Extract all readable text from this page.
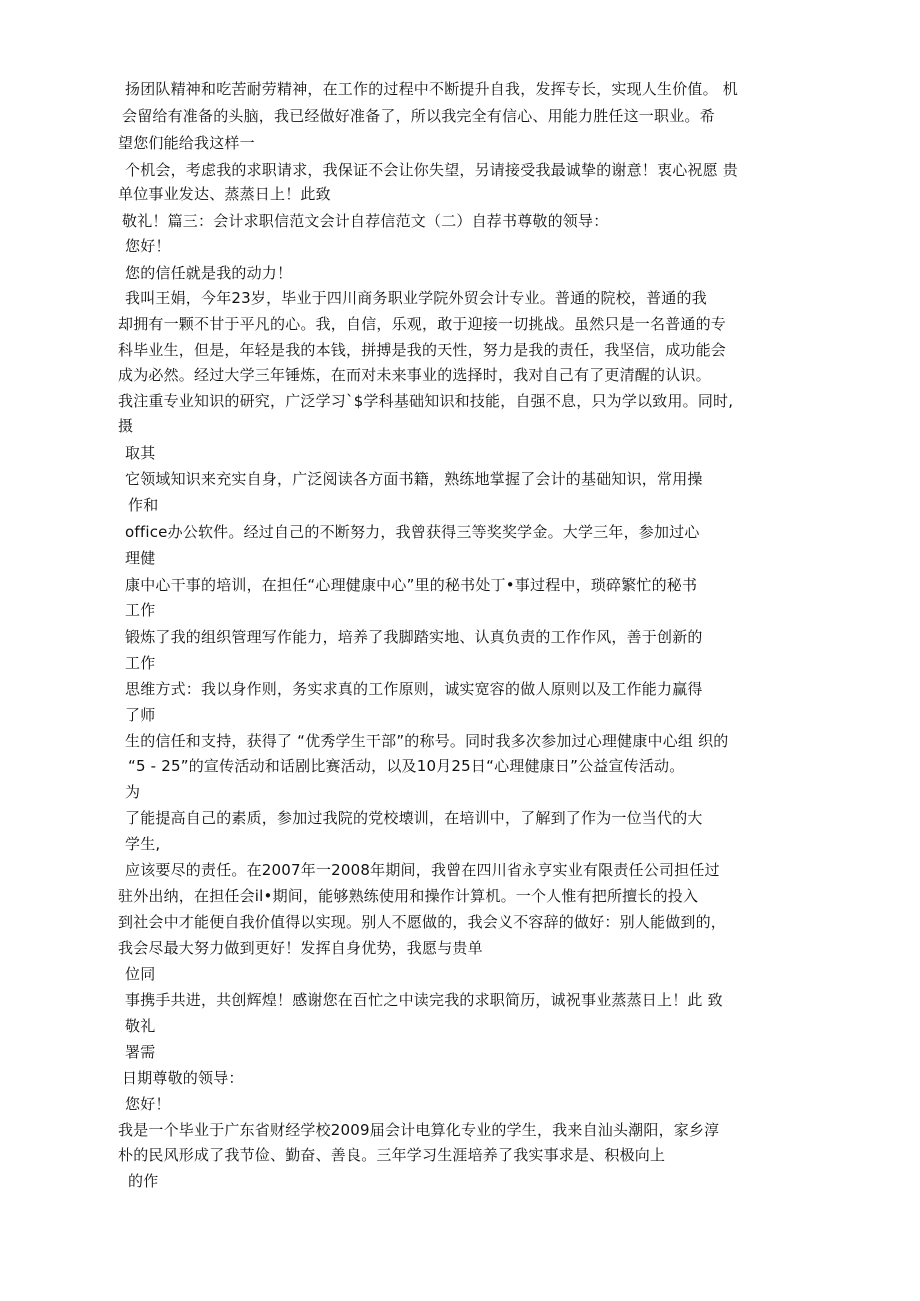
扬团队精神和吃苦耐劳精神，在工作的过程中不断提升自我，发挥专长，实现人生价值。 机
会留给有准备的头脑，我已经做好准备了，所以我完全有信心、用能力胜任这一职业。希
望您们能给我这样一
个机会，考虑我的求职请求，我保证不会让你失望，另请接受我最诚挚的谢意！衷心祝愿 贵
单位事业发达、蒸蒸日上！此致
敬礼！篇三：会计求职信范文会计自荐信范文（二）自荐书尊敬的领导：
您好！
您的信任就是我的动力！
我叫王娟，今年23岁，毕业于四川商务职业学院外贸会计专业。普通的院校，普通的我
却拥有一颗不甘于平凡的心。我，自信，乐观，敢于迎接一切挑战。虽然只是一名普通的专
科毕业生，但是，年轻是我的本钱，拼搏是我的天性，努力是我的责任，我坚信，成功能会
成为必然。经过大学三年锤炼，在而对未来事业的选择时，我对自己有了更清醒的认识。
我注重专业知识的研究，广泛学习`$学科基础知识和技能，自强不息，只为学以致用。同时,
摄
取其
它领域知识来充实自身，广泛阅读各方面书籍，熟练地掌握了会计的基础知识，常用操
作和
office办公软件。经过自己的不断努力，我曾获得三等奖奖学金。大学三年，参加过心
理健
康中心干事的培训，在担任“心理健康中心”里的秘书处丁•事过程中，琐碎繁忙的秘书
工作
锻炼了我的组织管理写作能力，培养了我脚踏实地、认真负责的工作作风，善于创新的
工作
思维方式：我以身作则，务实求真的工作原则，诚实宽容的做人原则以及工作能力赢得
了师
生的信任和支持，获得了 “优秀学生干部”的称号。同时我多次参加过心理健康中心组 织的
“5 - 25”的宣传活动和话剧比赛活动，以及10月25日“心理健康日”公益宣传活动。
为
了能提高自己的素质，参加过我院的党校壊训，在培训中，了解到了作为一位当代的大
学生,
应该要尽的责任。在2007年一2008年期间，我曾在四川省永亨实业有限责任公司担任过
驻外出纳，在担任会il•期间，能够熟练使用和操作计算机。一个人惟有把所擅长的投入
到社会中才能便自我价值得以实现。别人不愿做的，我会义不容辞的做好：别人能做到的，
我会尽最大努力做到更好！发挥自身优势，我愿与贵单
位同
事携手共进，共创辉煌！感谢您在百忙之中读完我的求职简历，诚祝事业蒸蒸日上！此 致
敬礼
署需
日期尊敬的领导：
您好！
我是一个毕业于广东省财经学校2009届会计电算化专业的学生，我来自汕头潮阳，家乡淳
朴的民风形成了我节俭、勤奋、善良。三年学习生涯培养了我实事求是、积极向上
的作
